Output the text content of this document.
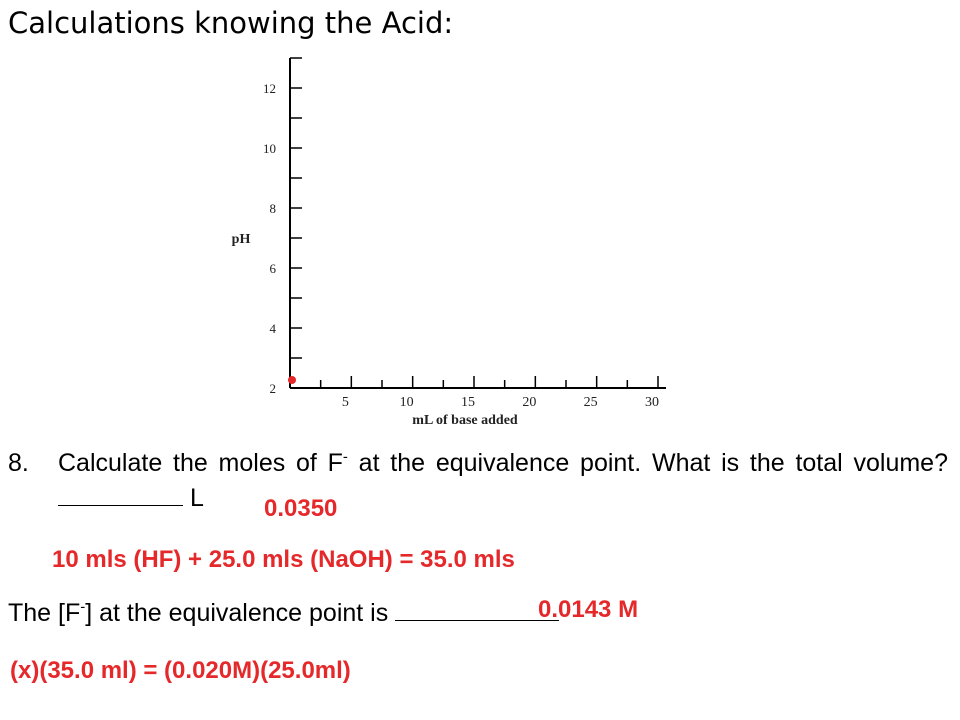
Calculations knowing the Acid:
2
4
6
8
10
12
5	10	15	20	25	30
mL of base added
pH
8. Calculate the moles of F- at the equivalence point. What is the total volume?  L	0.0350
10 mls (HF) + 25.0 mls (NaOH) = 35.0 mls
The [F-] at the equivalence point is	0.0143 M
(x)(35.0 ml) = (0.020M)(25.0ml)
